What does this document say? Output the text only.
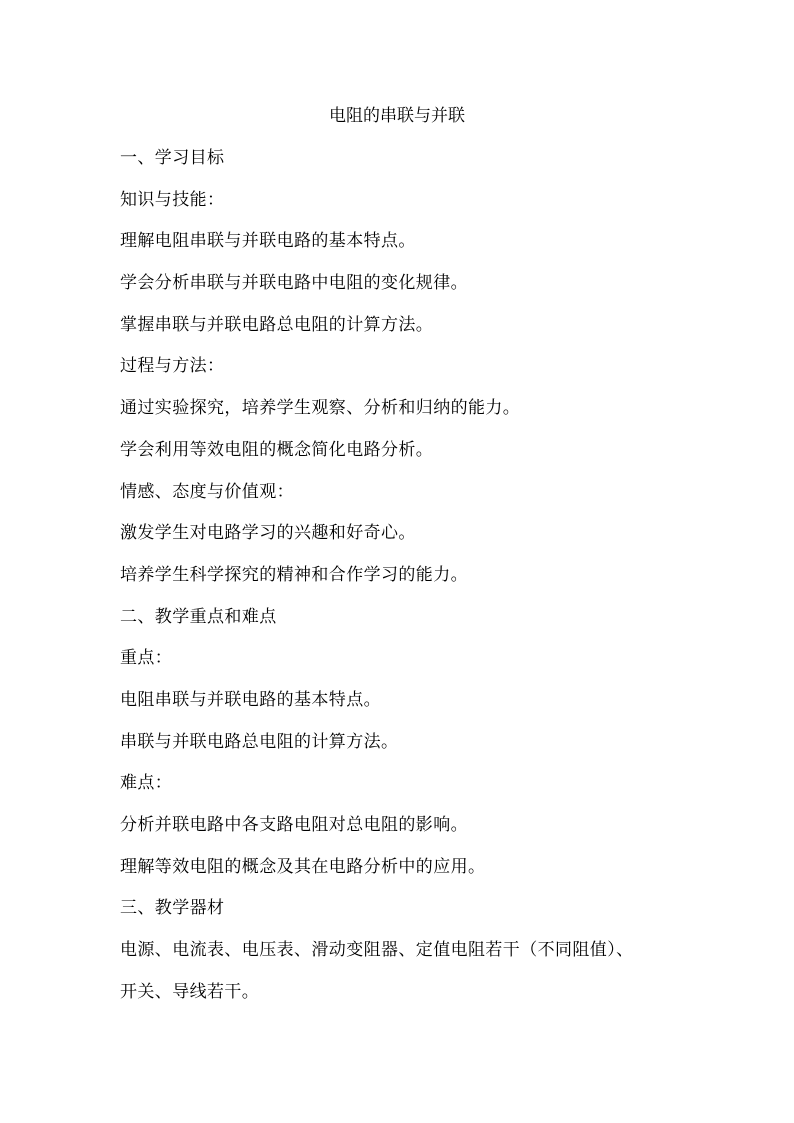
电阻的串联与并联
一、学习目标
知识与技能：
理解电阻串联与并联电路的基本特点。
学会分析串联与并联电路中电阻的变化规律。
掌握串联与并联电路总电阻的计算方法。
过程与方法：
通过实验探究，培养学生观察、分析和归纳的能力。
学会利用等效电阻的概念简化电路分析。
情感、态度与价值观：
激发学生对电路学习的兴趣和好奇心。
培养学生科学探究的精神和合作学习的能力。
二、教学重点和难点
重点：
电阻串联与并联电路的基本特点。
串联与并联电路总电阻的计算方法。
难点：
分析并联电路中各支路电阻对总电阻的影响。
理解等效电阻的概念及其在电路分析中的应用。
三、教学器材
电源、电流表、电压表、滑动变阻器、定值电阻若干（不同阻值）、
开关、导线若干。
